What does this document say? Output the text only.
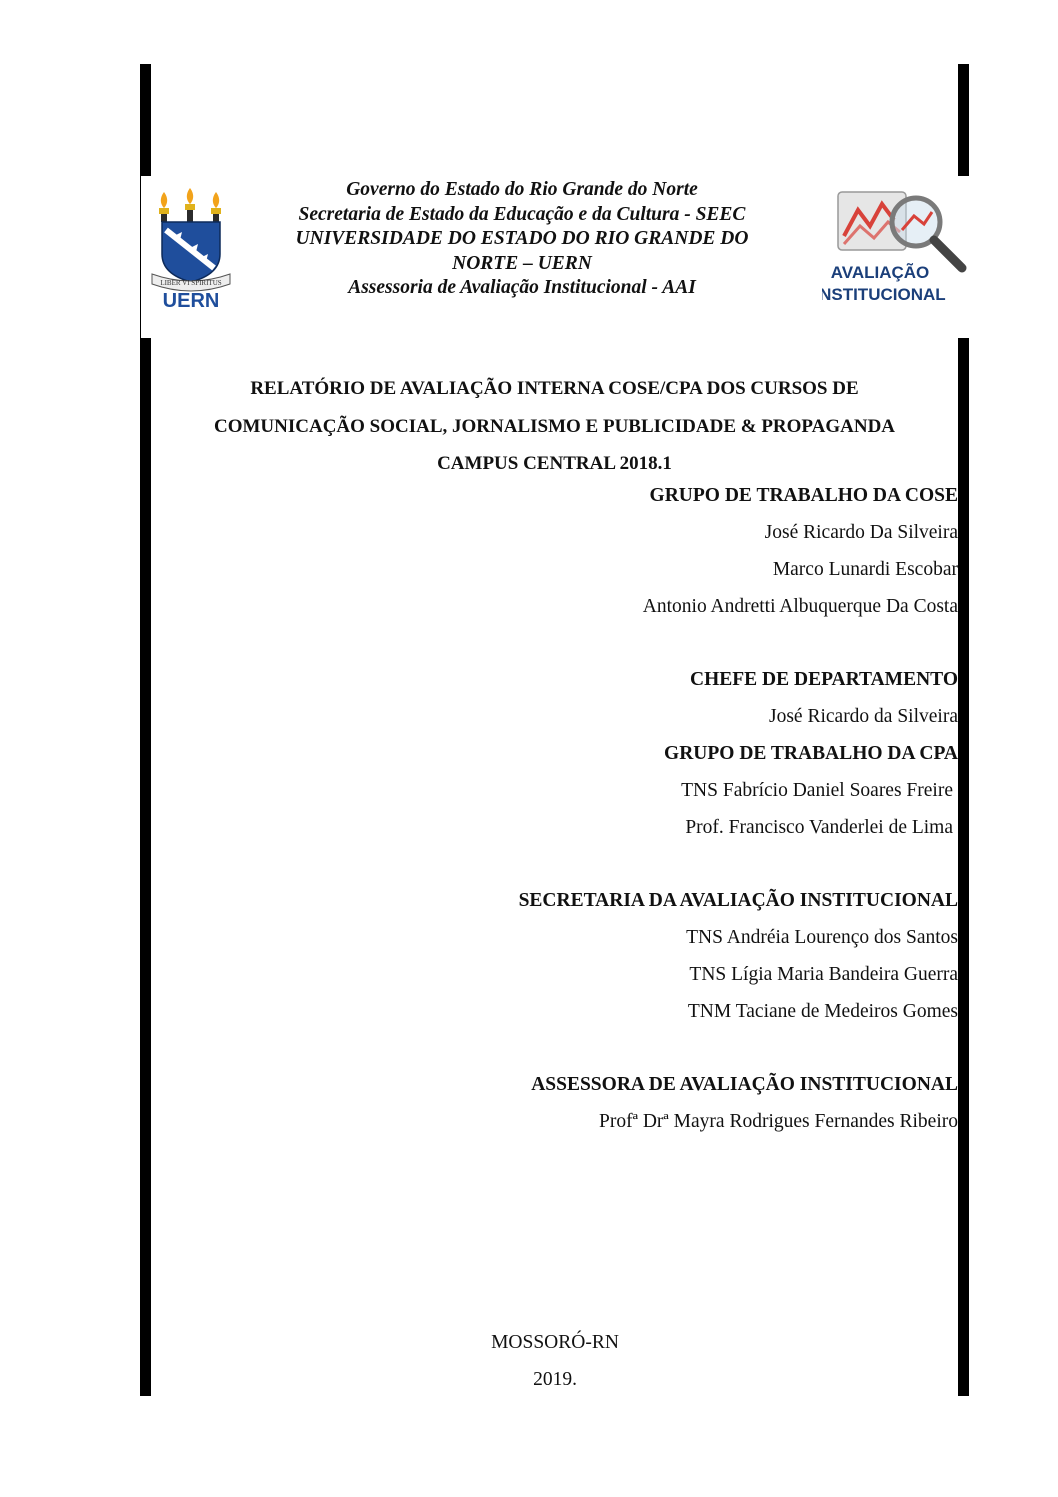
LIBER VI SPIRITUS
UERN
Governo do Estado do Rio Grande do Norte
Secretaria de Estado da Educação e da Cultura - SEEC
UNIVERSIDADE DO ESTADO DO RIO GRANDE DO
NORTE – UERN
Assessoria de Avaliação Institucional - AAI
AVALIAÇÃO
INSTITUCIONAL
RELATÓRIO DE AVALIAÇÃO INTERNA COSE/CPA DOS CURSOS DE
COMUNICAÇÃO SOCIAL, JORNALISMO E PUBLICIDADE & PROPAGANDA
CAMPUS CENTRAL 2018.1
GRUPO DE TRABALHO DA COSE
José Ricardo Da Silveira
Marco Lunardi Escobar
Antonio Andretti Albuquerque Da Costa
CHEFE DE DEPARTAMENTO
José Ricardo da Silveira
GRUPO DE TRABALHO DA CPA
TNS Fabrício Daniel Soares Freire
Prof. Francisco Vanderlei de Lima
SECRETARIA DA AVALIAÇÃO INSTITUCIONAL
TNS Andréia Lourenço dos Santos
TNS Lígia Maria Bandeira Guerra
TNM Taciane de Medeiros Gomes
ASSESSORA DE AVALIAÇÃO INSTITUCIONAL
Profª Drª Mayra Rodrigues Fernandes Ribeiro
MOSSORÓ-RN
2019.
